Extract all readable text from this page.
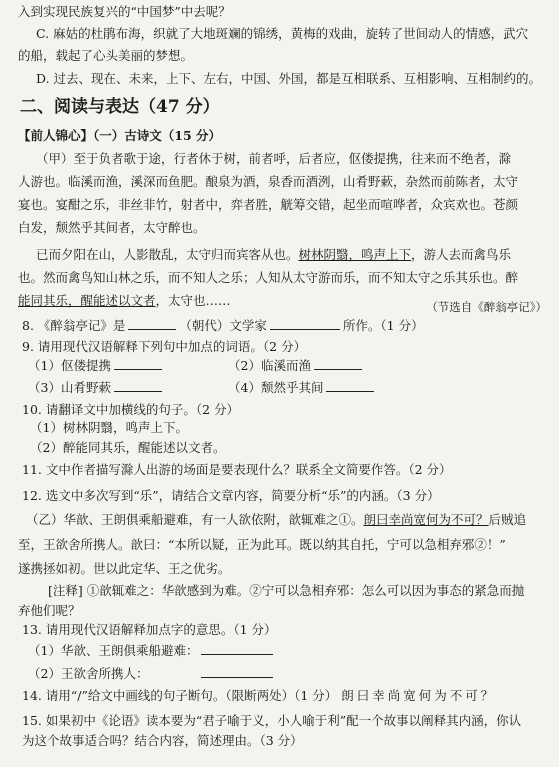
入到实现民族复兴的“中国梦”中去呢？
C. 麻姑的杜鹃布海，织就了大地斑斓的锦绣，黄梅的戏曲，旋转了世间动人的情感，武穴
的船，载起了心头美丽的梦想。
D. 过去、现在、未来，上下、左右，中国、外国，都是互相联系、互相影响、互相制约的。
二、阅读与表达（47 分）
【前人锦心】（一）古诗文（15 分）
（甲）至于负者歌于途，行者休于树，前者呼，后者应，伛偻提携，往来而不绝者，滁
人游也。临溪而渔，溪深而鱼肥。酿泉为酒，泉香而酒洌，山肴野蔌，杂然而前陈者，太守
宴也。宴酣之乐，非丝非竹，射者中，弈者胜，觥筹交错，起坐而喧哗者，众宾欢也。苍颜
白发，颓然乎其间者，太守醉也。
已而夕阳在山，人影散乱，太守归而宾客从也。树林阴翳，鸣声上下，游人去而禽鸟乐
也。然而禽鸟知山林之乐，而不知人之乐；人知从太守游而乐，而不知太守之乐其乐也。醉
能同其乐，醒能述以文者，太守也……	（节选自《醉翁亭记》）
8. 《醉翁亭记》是	（朝代）文学家	所作。（1 分）
9. 请用现代汉语解释下列句中加点的词语。（2 分）
（1）伛偻提携	（2）临溪而渔
（3）山肴野蔌	（4）颓然乎其间
10. 请翻译文中加横线的句子。（2 分）
（1）树林阴翳，鸣声上下。
（2）醉能同其乐，醒能述以文者。
11. 文中作者描写滁人出游的场面是要表现什么？联系全文简要作答。（2 分）
12. 选文中多次写到“乐”，请结合文章内容，简要分析“乐”的内涵。（3 分）
（乙）华歆、王朗俱乘船避难，有一人欲依附，歆辄难之①。朗曰幸尚宽何为不可？后贼追
至，王欲舍所携人。歆曰：“本所以疑，正为此耳。既以纳其自托，宁可以急相弃邪②！”
遂携拯如初。世以此定华、王之优劣。
[注释] ①歆辄难之：华歆感到为难。②宁可以急相弃邪：怎么可以因为事态的紧急而抛
弃他们呢？
13. 请用现代汉语解释加点字的意思。（1 分）
（1）华歆、王朗俱乘船避难：
（2）王欲舍所携人：
14. 请用“/”给文中画线的句子断句。（限断两处）（1 分） 朗曰幸尚宽何为不可？
15. 如果初中《论语》读本要为“君子喻于义，小人喻于利”配一个故事以阐释其内涵，你认
为这个故事适合吗？结合内容，简述理由。（3 分）
